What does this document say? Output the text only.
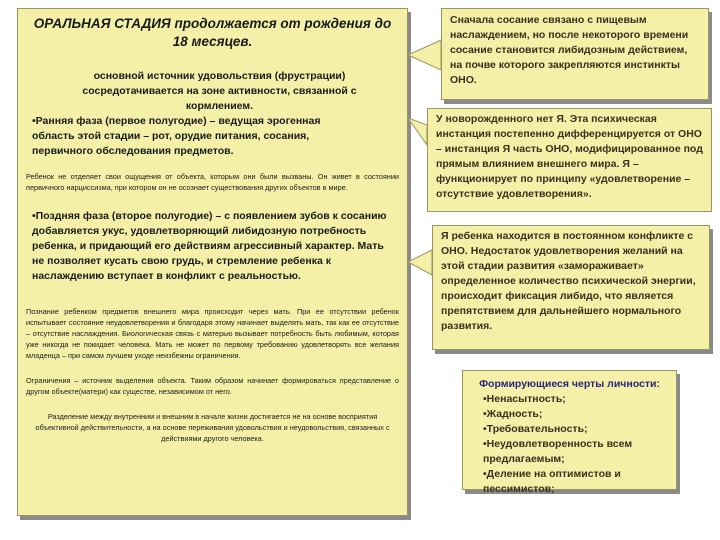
ОРАЛЬНАЯ СТАДИЯ продолжается от рождения до 18 месяцев.
основной источник удовольствия (фрустрации) сосредотачивается на зоне активности, связанной с кормлением.
•Ранняя фаза (первое полугодие) – ведущая эрогенная область этой стадии – рот, орудие питания, сосания, первичного обследования предметов.
Ребенок не отделяет свои ощущения от объекта, которым они были вызваны. Он живет в состоянии первичного нарциссизма, при котором он не осознает существования других объектов в мире.
•Поздняя фаза (второе полугодие) – с появлением зубов к сосанию добавляется укус, удовлетворяющий либидозную потребность ребенка, и придающий его действиям агрессивный характер. Мать не позволяет кусать свою грудь, и стремление ребенка к наслаждению вступает в конфликт с реальностью.
Познание ребенком предметов внешнего мира происходит через мать. При ее отсутствии ребенок испытывает состояние неудовлетворения и благодаря этому начинает выделять мать, так как ее отсутствие – отсутствие наслаждения. Биологическая связь с матерью вызывает потребность быть любимым, которая уже никогда не покидает человека. Мать не может по первому требованию удовлетворять все желания младенца – при самом лучшем уходе неизбежны ограничения.
Ограничения – источник выделения объекта. Таким образом начинает формироваться представление о другом объекте(матери) как существе, независимом от него.
Разделение между внутренним и внешним в начале жизни достигается не на основе восприятия объективной действительности, а на основе переживания удовольствия и неудовольствия, связанных с действиями другого человека.
Сначала сосание связано с пищевым наслаждением, но после некоторого времени сосание становится либидозным действием, на почве которого закрепляются инстинкты ОНО.
У новорожденного нет Я. Эта психическая инстанция постепенно дифференцируется от ОНО – инстанция Я часть ОНО, модифицированное под прямым влиянием внешнего мира. Я – функционирует по принципу «удовлетворение – отсутствие удовлетворения».
Я ребенка находится в постоянном конфликте с ОНО. Недостаток удовлетворения желаний на этой стадии развития «замораживает» определенное количество психической энергии, происходит фиксация либидо, что является препятствием для дальнейшего нормального развития.
Формирующиеся черты личности:
•Ненасытность;
•Жадность;
•Требовательность;
•Неудовлетворенность всем предлагаемым;
•Деление на оптимистов и пессимистов;
